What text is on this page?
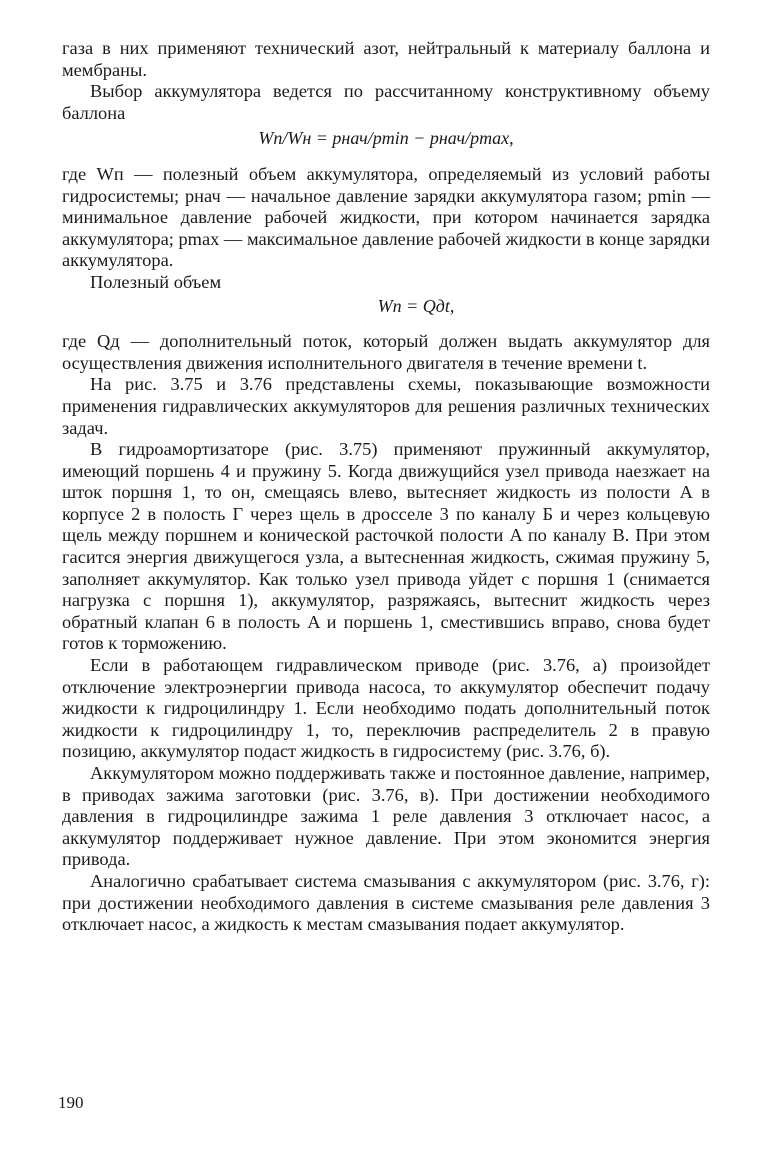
газа в них применяют технический азот, нейтральный к материалу баллона и мембраны.

Выбор аккумулятора ведется по рассчитанному конструктивному объему баллона

Wп/Wн = pнач/pmin − pнач/pmax,

где Wп — полезный объем аккумулятора, определяемый из условий работы гидросистемы; pнач — начальное давление зарядки аккумулятора газом; pmin — минимальное давление рабочей жидкости, при котором начинается зарядка аккумулятора; pmax — максимальное давление рабочей жидкости в конце зарядки аккумулятора.

Полезный объем

Wп = Qдt,

где Qд — дополнительный поток, который должен выдать аккумулятор для осуществления движения исполнительного двигателя в течение времени t.

На рис. 3.75 и 3.76 представлены схемы, показывающие возможности применения гидравлических аккумуляторов для решения различных технических задач.

В гидроамортизаторе (рис. 3.75) применяют пружинный аккумулятор, имеющий поршень 4 и пружину 5. Когда движущийся узел привода наезжает на шток поршня 1, то он, смещаясь влево, вытесняет жидкость из полости A в корпусе 2 в полость Г через щель в дросселе 3 по каналу Б и через кольцевую щель между поршнем и конической расточкой полости A по каналу B. При этом гасится энергия движущегося узла, а вытесненная жидкость, сжимая пружину 5, заполняет аккумулятор. Как только узел привода уйдет с поршня 1 (снимается нагрузка с поршня 1), аккумулятор, разряжаясь, вытеснит жидкость через обратный клапан 6 в полость A и поршень 1, сместившись вправо, снова будет готов к торможению.

Если в работающем гидравлическом приводе (рис. 3.76, а) произойдет отключение электроэнергии привода насоса, то аккумулятор обеспечит подачу жидкости к гидроцилиндру 1. Если необходимо подать дополнительный поток жидкости к гидроцилиндру 1, то, переключив распределитель 2 в правую позицию, аккумулятор подаст жидкость в гидросистему (рис. 3.76, б).

Аккумулятором можно поддерживать также и постоянное давление, например, в приводах зажима заготовки (рис. 3.76, в). При достижении необходимого давления в гидроцилиндре зажима 1 реле давления 3 отключает насос, а аккумулятор поддерживает нужное давление. При этом экономится энергия привода.

Аналогично срабатывает система смазывания с аккумулятором (рис. 3.76, г): при достижении необходимого давления в системе смазывания реле давления 3 отключает насос, а жидкость к местам смазывания подает аккумулятор.

190
